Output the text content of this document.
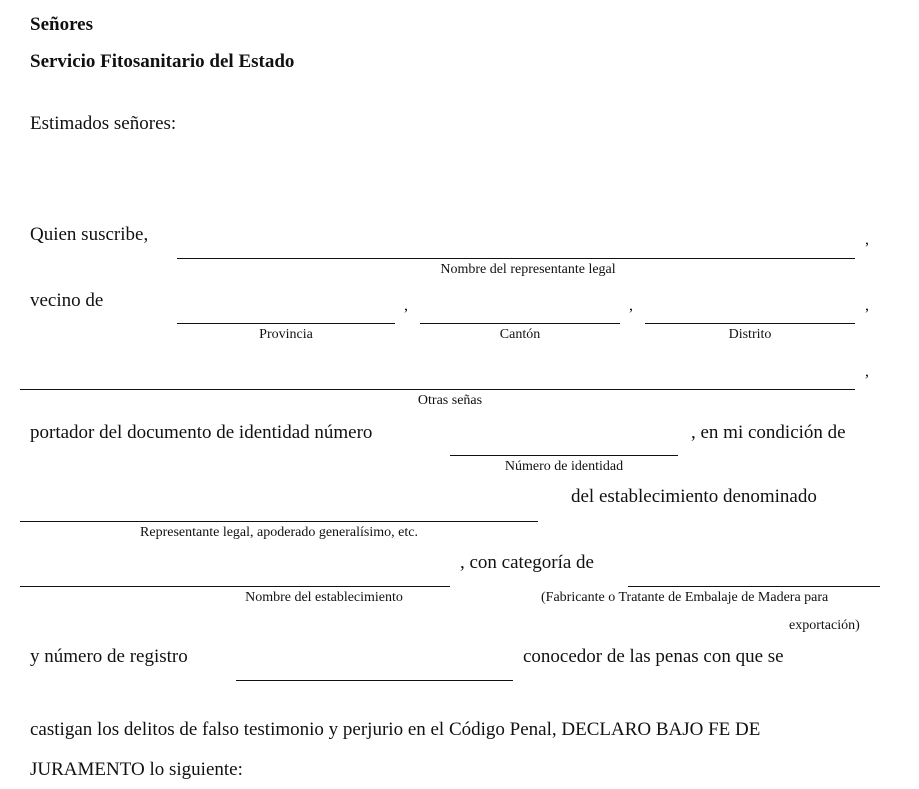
Señores
Servicio Fitosanitario del Estado
Estimados señores:
Quien suscribe,	,
Nombre del representante legal
vecino de	,	,	,
Provincia	Cantón	Distrito
,
Otras señas
portador del documento de identidad número	, en mi condición de
Número de identidad
del establecimiento denominado
Representante legal, apoderado generalísimo, etc.
, con categoría de
Nombre del establecimiento	(Fabricante o Tratante de Embalaje de Madera para
exportación)
y número de registro	conocedor de las penas con que se
castigan los delitos de falso testimonio y perjurio en el Código Penal, DECLARO BAJO FE DE
JURAMENTO lo siguiente:
